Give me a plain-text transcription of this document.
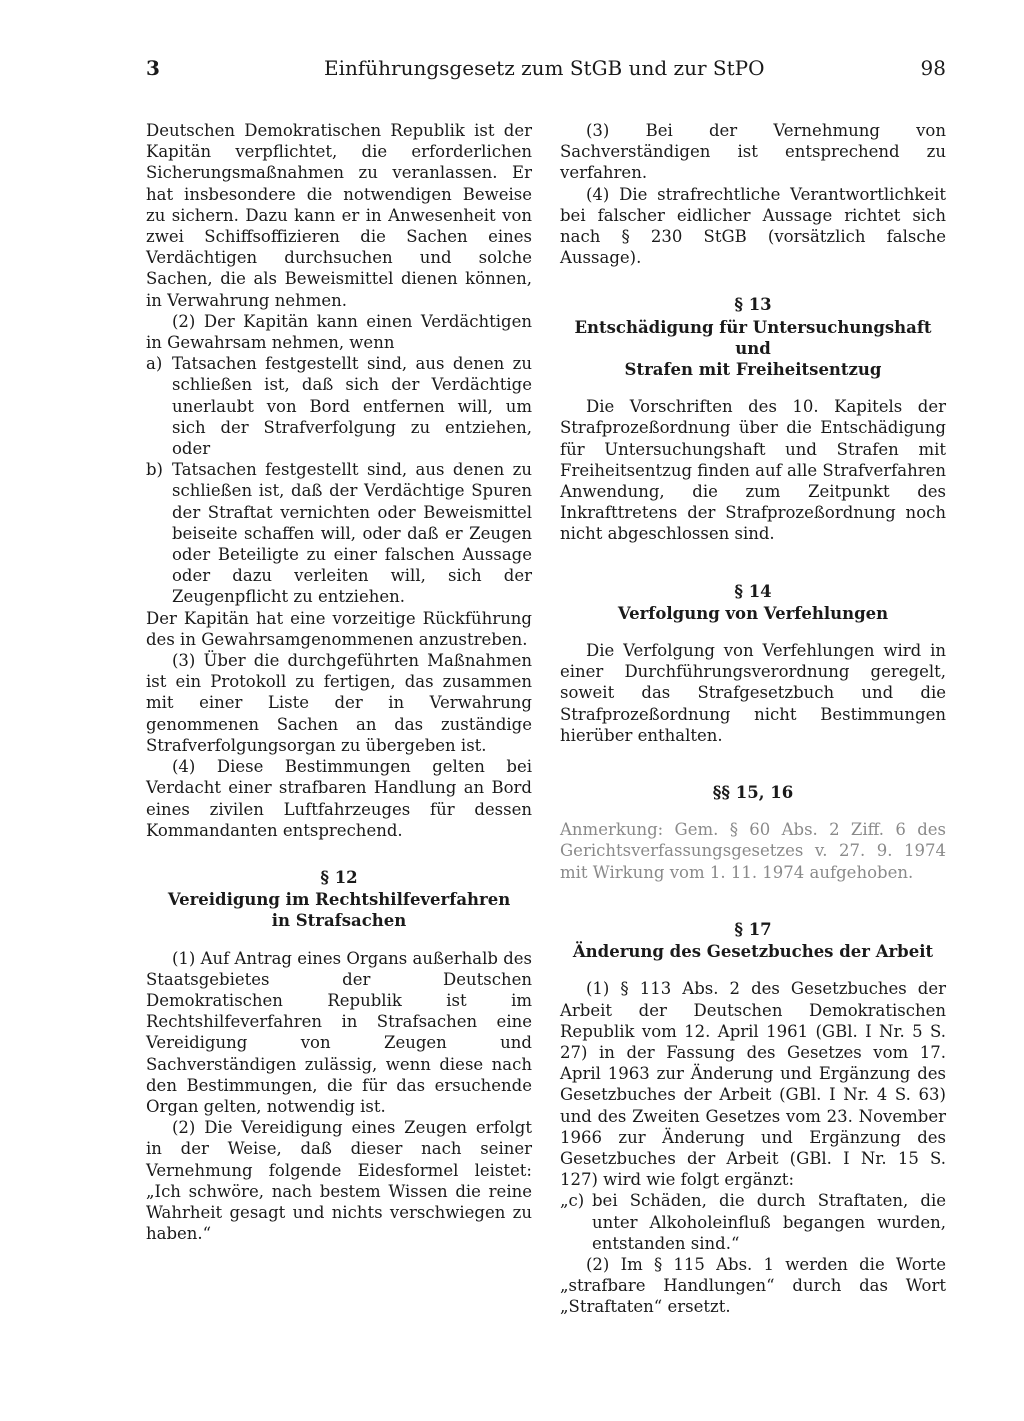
3	Einführungsgesetz zum StGB und zur StPO	98

Deutschen Demokratischen Republik ist der Kapitän verpflichtet, die erforderlichen Sicherungsmaßnahmen zu veranlassen. Er hat insbesondere die notwendigen Beweise zu sichern. Dazu kann er in Anwesenheit von zwei Schiffsoffizieren die Sachen eines Verdächtigen durchsuchen und solche Sachen, die als Beweismittel dienen können, in Verwahrung nehmen.

(2) Der Kapitän kann einen Verdächtigen in Gewahrsam nehmen, wenn

a) Tatsachen festgestellt sind, aus denen zu schließen ist, daß sich der Verdächtige unerlaubt von Bord entfernen will, um sich der Strafverfolgung zu entziehen, oder
b) Tatsachen festgestellt sind, aus denen zu schließen ist, daß der Verdächtige Spuren der Straftat vernichten oder Beweismittel beiseite schaffen will, oder daß er Zeugen oder Beteiligte zu einer falschen Aussage oder dazu verleiten will, sich der Zeugenpflicht zu entziehen.

Der Kapitän hat eine vorzeitige Rückführung des in Gewahrsamgenommenen anzustreben.

(3) Über die durchgeführten Maßnahmen ist ein Protokoll zu fertigen, das zusammen mit einer Liste der in Verwahrung genommenen Sachen an das zuständige Strafverfolgungsorgan zu übergeben ist.

(4) Diese Bestimmungen gelten bei Verdacht einer strafbaren Handlung an Bord eines zivilen Luftfahrzeuges für dessen Kommandanten entsprechend.

§ 12
Vereidigung im Rechtshilfeverfahren
in Strafsachen

(1) Auf Antrag eines Organs außerhalb des Staatsgebietes der Deutschen Demokratischen Republik ist im Rechtshilfeverfahren in Strafsachen eine Vereidigung von Zeugen und Sachverständigen zulässig, wenn diese nach den Bestimmungen, die für das ersuchende Organ gelten, notwendig ist.

(2) Die Vereidigung eines Zeugen erfolgt in der Weise, daß dieser nach seiner Vernehmung folgende Eidesformel leistet: „Ich schwöre, nach bestem Wissen die reine Wahrheit gesagt und nichts verschwiegen zu haben.“

(3) Bei der Vernehmung von Sachverständigen ist entsprechend zu verfahren.

(4) Die strafrechtliche Verantwortlichkeit bei falscher eidlicher Aussage richtet sich nach § 230 StGB (vorsätzlich falsche Aussage).

§ 13
Entschädigung für Untersuchungshaft und
Strafen mit Freiheitsentzug

Die Vorschriften des 10. Kapitels der Strafprozeßordnung über die Entschädigung für Untersuchungshaft und Strafen mit Freiheitsentzug finden auf alle Strafverfahren Anwendung, die zum Zeitpunkt des Inkrafttretens der Strafprozeßordnung noch nicht abgeschlossen sind.

§ 14
Verfolgung von Verfehlungen

Die Verfolgung von Verfehlungen wird in einer Durchführungsverordnung geregelt, soweit das Strafgesetzbuch und die Strafprozeßordnung nicht Bestimmungen hierüber enthalten.

§§ 15, 16

Anmerkung: Gem. § 60 Abs. 2 Ziff. 6 des Gerichtsverfassungsgesetzes v. 27. 9. 1974 mit Wirkung vom 1. 11. 1974 aufgehoben.

§ 17
Änderung des Gesetzbuches der Arbeit

(1) § 113 Abs. 2 des Gesetzbuches der Arbeit der Deutschen Demokratischen Republik vom 12. April 1961 (GBl. I Nr. 5 S. 27) in der Fassung des Gesetzes vom 17. April 1963 zur Änderung und Ergänzung des Gesetzbuches der Arbeit (GBl. I Nr. 4 S. 63) und des Zweiten Gesetzes vom 23. November 1966 zur Änderung und Ergänzung des Gesetzbuches der Arbeit (GBl. I Nr. 15 S. 127) wird wie folgt ergänzt:

„c) bei Schäden, die durch Straftaten, die unter Alkoholeinfluß begangen wurden, entstanden sind.“

(2) Im § 115 Abs. 1 werden die Worte „strafbare Handlungen“ durch das Wort „Straftaten“ ersetzt.
